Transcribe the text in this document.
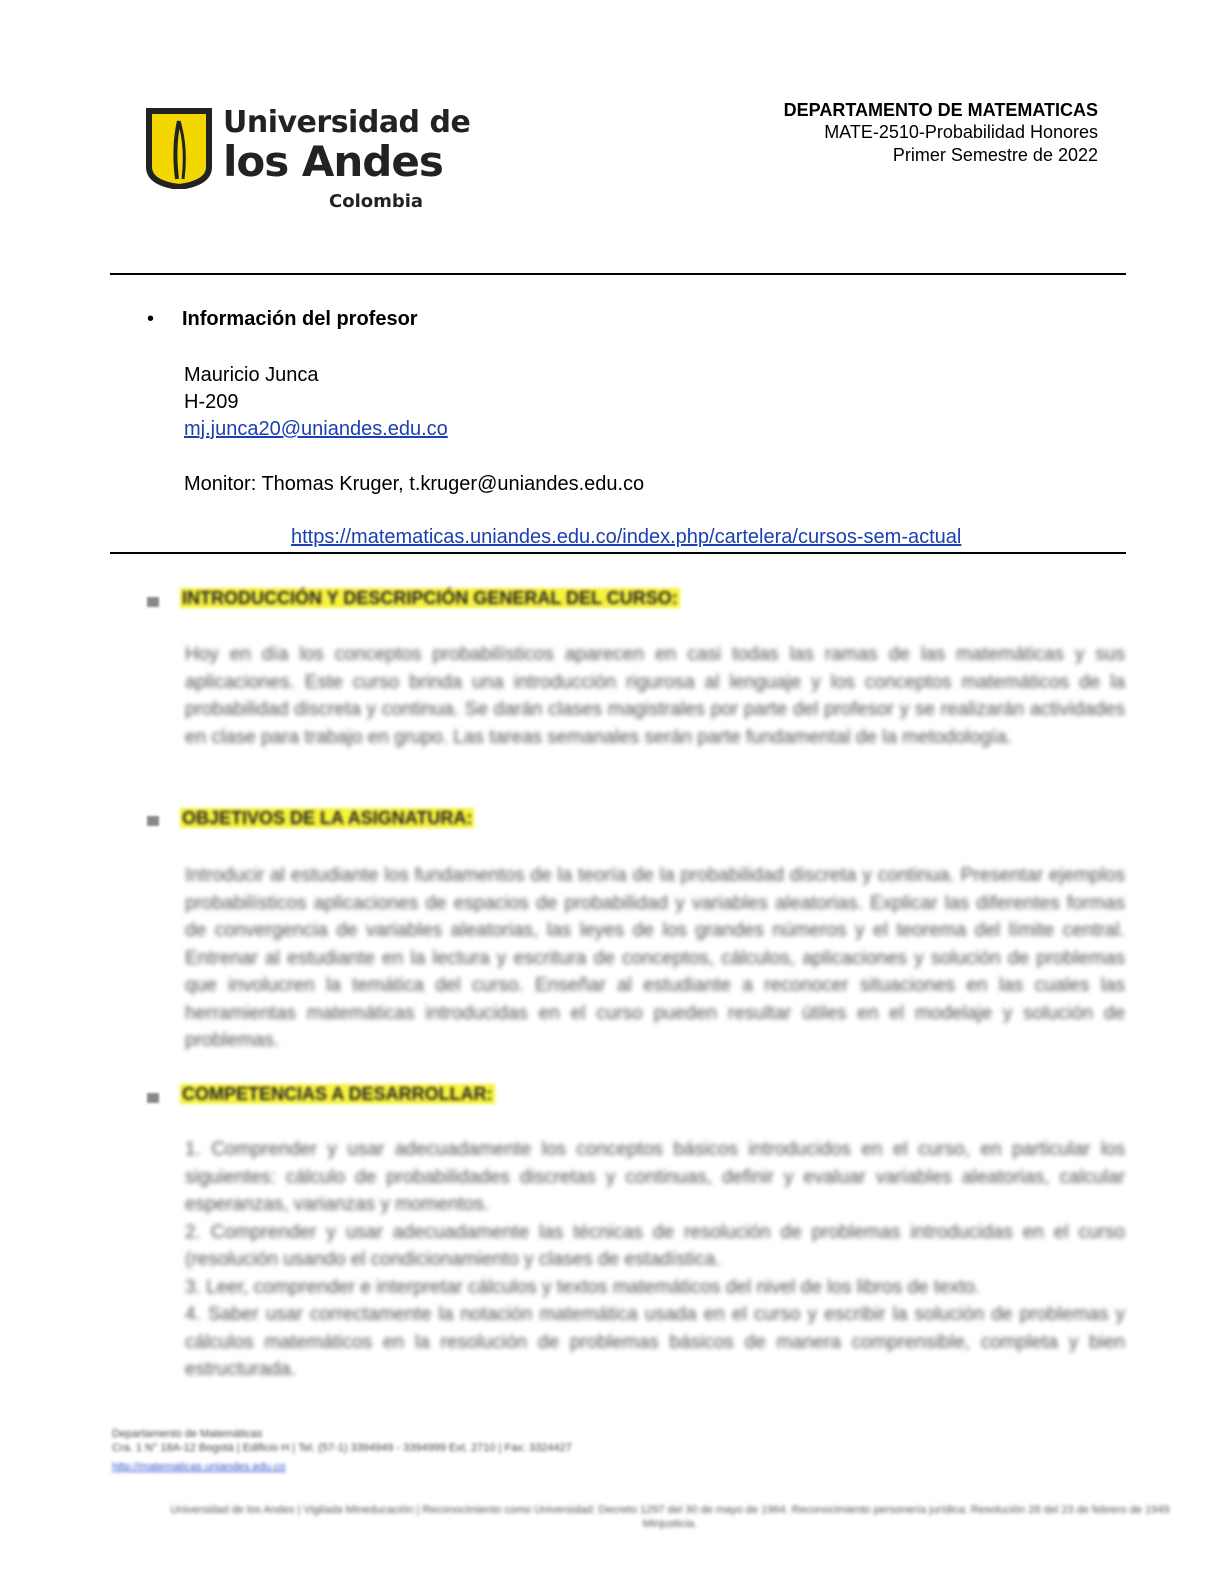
Universidad de
los Andes
Colombia
DEPARTAMENTO DE MATEMATICAS
MATE-2510-Probabilidad Honores
Primer Semestre de 2022
• Información del profesor
Mauricio Junca
H-209
mj.junca20@uniandes.edu.co
Monitor: Thomas Kruger, t.kruger@uniandes.edu.co
https://matematicas.uniandes.edu.co/index.php/cartelera/cursos-sem-actual
INTRODUCCIÓN Y DESCRIPCIÓN GENERAL DEL CURSO:
Hoy en día los conceptos probabilísticos aparecen en casi todas las ramas de las matemáticas y sus aplicaciones. Este curso brinda una introducción rigurosa al lenguaje y los conceptos matemáticos de la probabilidad discreta y continua. Se darán clases magistrales por parte del profesor y se realizarán actividades en clase para trabajo en grupo. Las tareas semanales serán parte fundamental de la metodología.
OBJETIVOS DE LA ASIGNATURA:
Introducir al estudiante los fundamentos de la teoría de la probabilidad discreta y continua. Presentar ejemplos probabilísticos aplicaciones de espacios de probabilidad y variables aleatorias. Explicar las diferentes formas de convergencia de variables aleatorias, las leyes de los grandes números y el teorema del límite central. Entrenar al estudiante en la lectura y escritura de conceptos, cálculos, aplicaciones y solución de problemas que involucren la temática del curso. Enseñar al estudiante a reconocer situaciones en las cuales las herramientas matemáticas introducidas en el curso pueden resultar útiles en el modelaje y solución de problemas.
COMPETENCIAS A DESARROLLAR:
1. Comprender y usar adecuadamente los conceptos básicos introducidos en el curso, en particular los siguientes: cálculo de probabilidades discretas y continuas, definir y evaluar variables aleatorias, calcular esperanzas, varianzas y momentos.
2. Comprender y usar adecuadamente las técnicas de resolución de problemas introducidas en el curso (resolución usando el condicionamiento y clases de estadística.
3. Leer, comprender e interpretar cálculos y textos matemáticos del nivel de los libros de texto.
4. Saber usar correctamente la notación matemática usada en el curso y escribir la solución de problemas y cálculos matemáticos en la resolución de problemas básicos de manera comprensible, completa y bien estructurada.
Departamento de Matemáticas
Cra. 1 N° 18A-12 Bogotá | Edificio H | Tel. (57-1) 3394949 - 3394999 Ext. 2710 | Fax: 3324427
http://matematicas.uniandes.edu.co
Universidad de los Andes | Vigilada Mineducación | Reconocimiento como Universidad: Decreto 1297 del 30 de mayo de 1964. Reconocimiento personería jurídica: Resolución 28 del 23 de febrero de 1949 Minjusticia.
